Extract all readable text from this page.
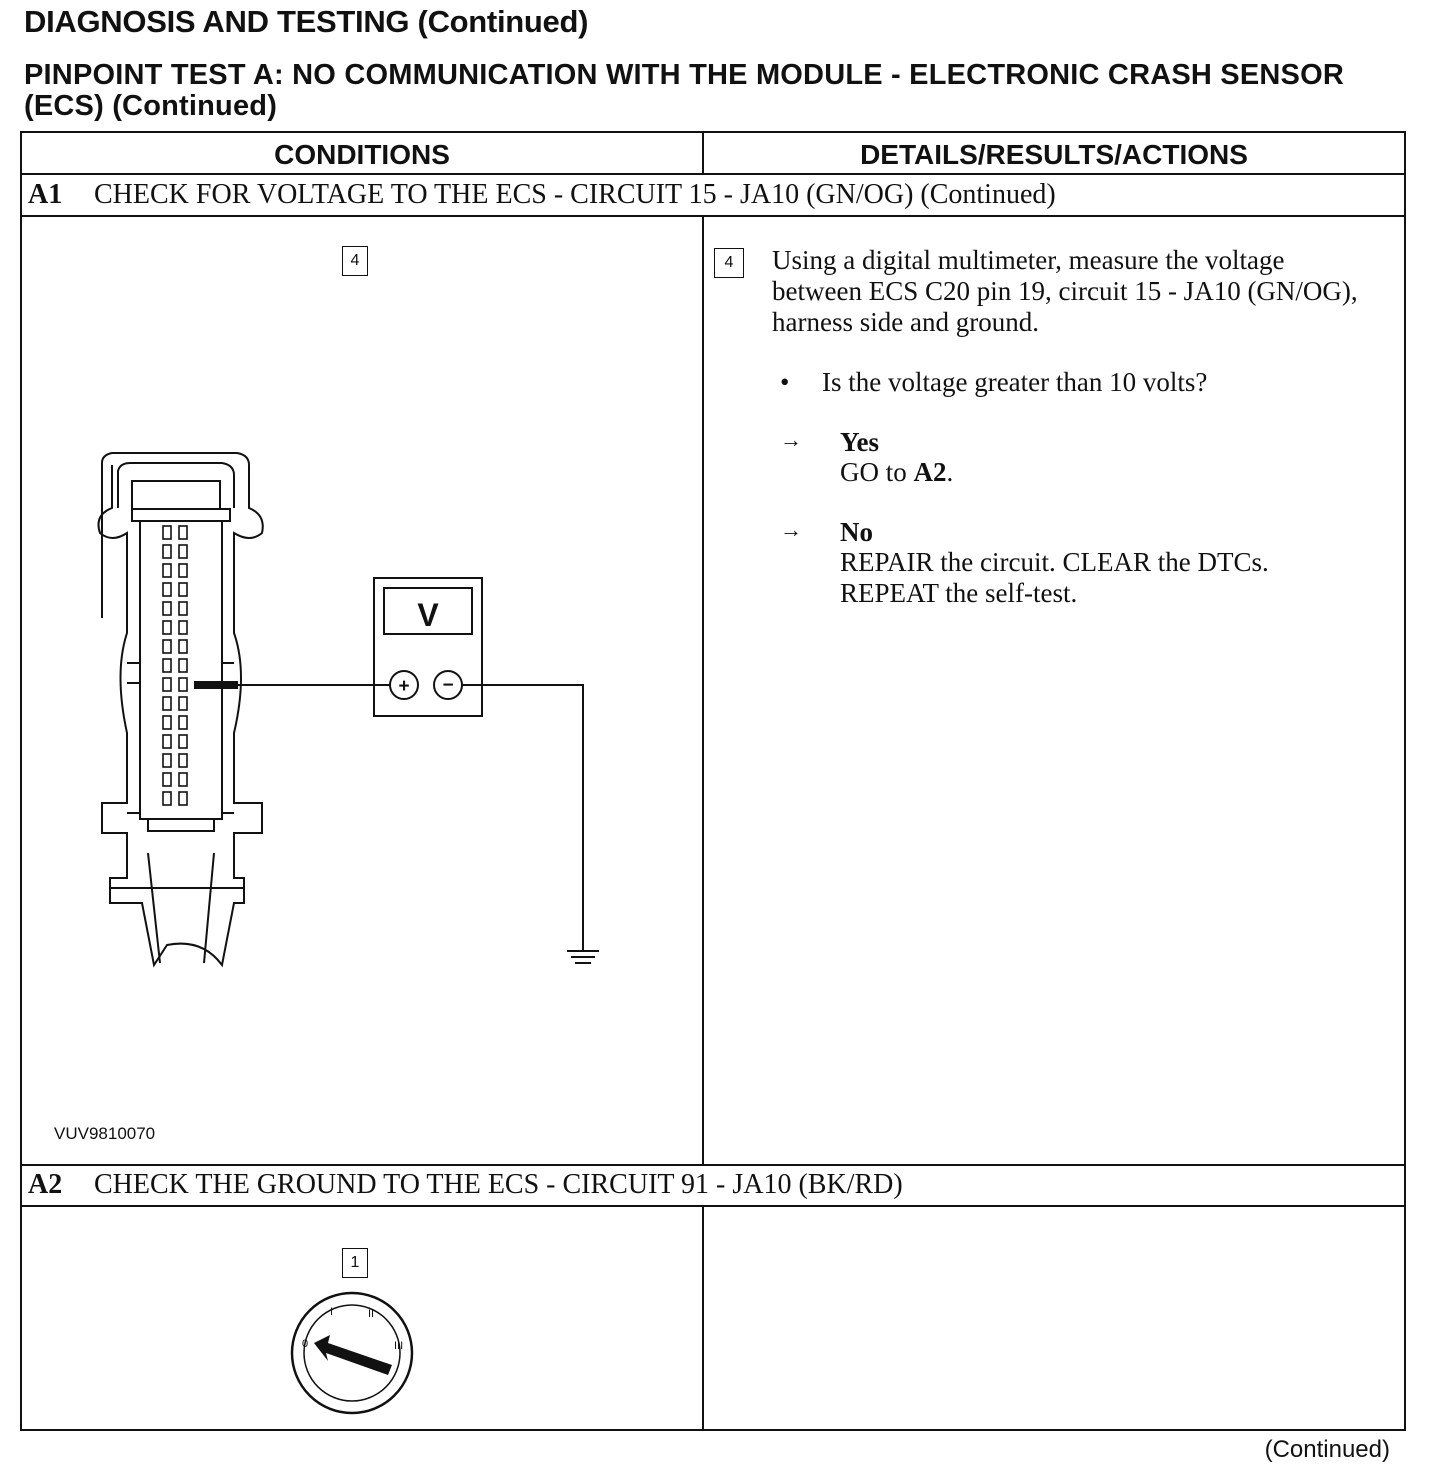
DIAGNOSIS AND TESTING (Continued)
PINPOINT TEST A: NO COMMUNICATION WITH THE MODULE - ELECTRONIC CRASH SENSOR (ECS) (Continued)
CONDITIONS	DETAILS/RESULTS/ACTIONS
A1 CHECK FOR VOLTAGE TO THE ECS - CIRCUIT 15 - JA10 (GN/OG) (Continued)
4
V
+ −
4	Using a digital multimeter, measure the voltage between ECS C20 pin 19, circuit 15 - JA10 (GN/OG), harness side and ground.
• Is the voltage greater than 10 volts?
→ Yes
GO to A2.
→ No
REPAIR the circuit. CLEAR the DTCs. REPEAT the self-test.
A2 CHECK THE GROUND TO THE ECS - CIRCUIT 91 - JA10 (BK/RD)
1
0
I	II
III
VUV9810070
(Continued)
